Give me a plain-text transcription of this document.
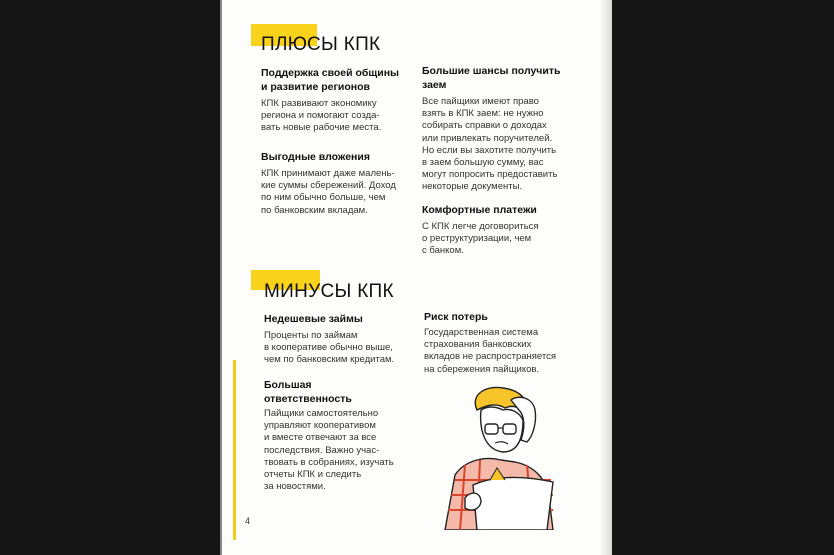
ПЛЮСЫ КПК
Поддержка своей общины
и развитие регионов
КПК развивают экономику
региона и помогают созда-
вать новые рабочие места.
Выгодные вложения
КПК принимают даже малень-
кие суммы сбережений. Доход
по ним обычно больше, чем
по банковским вкладам.
Большие шансы получить
заем
Все пайщики имеют право
взять в КПК заем: не нужно
собирать справки о доходах
или привлекать поручителей.
Но если вы захотите получить
в заем большую сумму, вас
могут попросить предоставить
некоторые документы.
Комфортные платежи
С КПК легче договориться
о реструктуризации, чем
с банком.
МИНУСЫ КПК
Недешевые займы
Проценты по займам
в кооперативе обычно выше,
чем по банковским кредитам.
Большая
ответственность
Пайщики самостоятельно
управляют кооперативом
и вместе отвечают за все
последствия. Важно учас-
твовать в собраниях, изучать
отчеты КПК и следить
за новостями.
Риск потерь
Государственная система
страхования банковских
вкладов не распространяется
на сбережения пайщиков.
4
